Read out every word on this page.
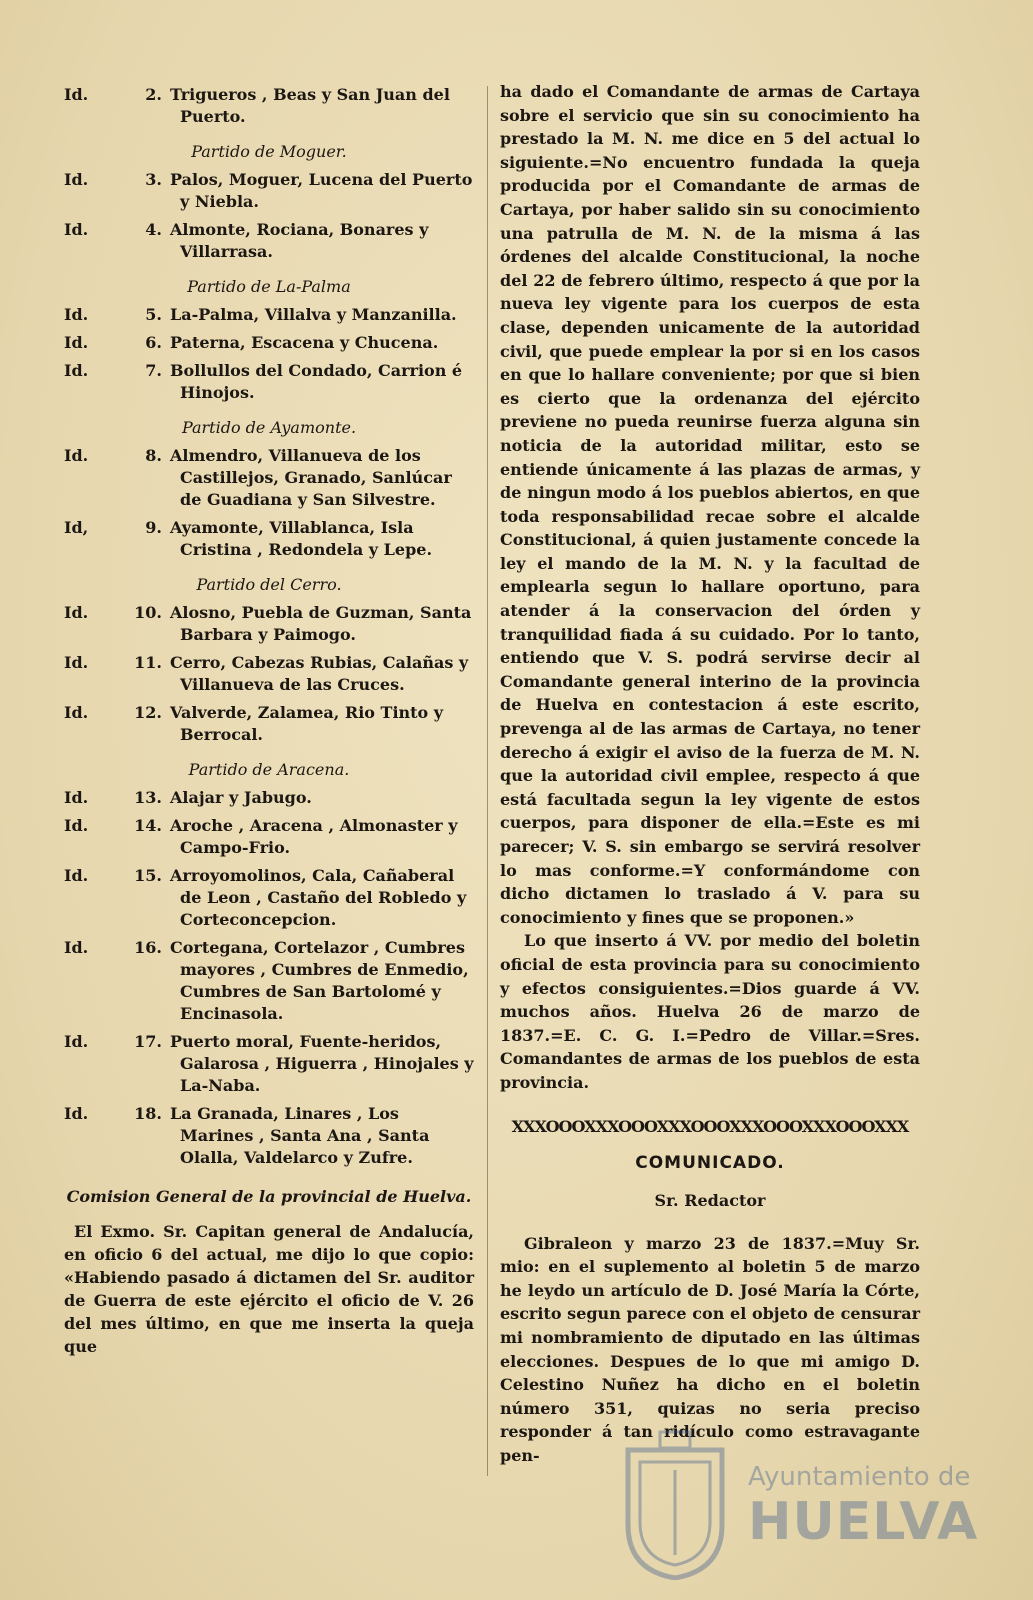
Id.	2. Trigueros , Beas y San Juan del Puerto.
Partido de Moguer.
Id.	3. Palos, Moguer, Lucena del Puerto y Niebla.
Id.	4. Almonte, Rociana, Bonares y Villarrasa.
Partido de La-Palma
Id.	5. La-Palma, Villalva y Manzanilla.
Id.	6. Paterna, Escacena y Chucena.
Id.	7. Bollullos del Condado, Carrion é Hinojos.
Partido de Ayamonte.
Id.	8. Almendro, Villanueva de los Castillejos, Granado, Sanlúcar de Guadiana y San Silvestre.
Id,	9. Ayamonte, Villablanca, Isla Cristina , Redondela y Lepe.
Partido del Cerro.
Id.	10. Alosno, Puebla de Guzman, Santa Barbara y Paimogo.
Id.	11. Cerro, Cabezas Rubias, Calañas y Villanueva de las Cruces.
Id.	12. Valverde, Zalamea, Rio Tinto y Berrocal.
Partido de Aracena.
Id.	13. Alajar y Jabugo.
Id.	14. Aroche , Aracena , Almonaster y Campo-Frio.
Id.	15. Arroyomolinos, Cala, Cañaberal de Leon , Castaño del Robledo y Corteconcepcion.
Id.	16. Cortegana, Cortelazor , Cumbres mayores , Cumbres de Enmedio, Cumbres de San Bartolomé y Encinasola.
Id.	17. Puerto moral, Fuente-heridos, Galarosa , Higuerra , Hinojales y La-Naba.
Id.	18. La Granada, Linares , Los Marines , Santa Ana , Santa Olalla, Valdelarco y Zufre.
Comision General de la provincial de Huelva.

El Exmo. Sr. Capitan general de Andalucía, en oficio 6 del actual, me dijo lo que copio: «Habiendo pasado á dictamen del Sr. auditor de Guerra de este ejército el oficio de V. 26 del mes último, en que me inserta la queja que

ha dado el Comandante de armas de Cartaya sobre el servicio que sin su conocimiento ha prestado la M. N. me dice en 5 del actual lo siguiente.=No encuentro fundada la queja producida por el Comandante de armas de Cartaya, por haber salido sin su conocimiento una patrulla de M. N. de la misma á las órdenes del alcalde Constitucional, la noche del 22 de febrero último, respecto á que por la nueva ley vigente para los cuerpos de esta clase, dependen unicamente de la autoridad civil, que puede emplear la por si en los casos en que lo hallare conveniente; por que si bien es cierto que la ordenanza del ejército previene no pueda reunirse fuerza alguna sin noticia de la autoridad militar, esto se entiende únicamente á las plazas de armas, y de ningun modo á los pueblos abiertos, en que toda responsabilidad recae sobre el alcalde Constitucional, á quien justamente concede la ley el mando de la M. N. y la facultad de emplearla segun lo hallare oportuno, para atender á la conservacion del órden y tranquilidad fiada á su cuidado. Por lo tanto, entiendo que V. S. podrá servirse decir al Comandante general interino de la provincia de Huelva en contestacion á este escrito, prevenga al de las armas de Cartaya, no tener derecho á exigir el aviso de la fuerza de M. N. que la autoridad civil emplee, respecto á que está facultada segun la ley vigente de estos cuerpos, para disponer de ella.=Este es mi parecer; V. S. sin embargo se servirá resolver lo mas conforme.=Y conformándome con dicho dictamen lo traslado á V. para su conocimiento y fines que se proponen.»

Lo que inserto á VV. por medio del boletin oficial de esta provincia para su conocimiento y efectos consiguientes.=Dios guarde á VV. muchos años. Huelva 26 de marzo de 1837.=E. C. G. I.=Pedro de Villar.=Sres. Comandantes de armas de los pueblos de esta provincia.

XXXOOOXXXOOOXXXOOOXXXOOOXXXOOOXXX
COMUNICADO.
Sr. Redactor

Gibraleon y marzo 23 de 1837.=Muy Sr. mio: en el suplemento al boletin 5 de marzo he leydo un artículo de D. José María la Córte, escrito segun parece con el objeto de censurar mi nombramiento de diputado en las últimas elecciones. Despues de lo que mi amigo D. Celestino Nuñez ha dicho en el boletin número 351, quizas no seria preciso responder á tan ridículo como estravagante pen-

Ayuntamiento de
HUELVA
